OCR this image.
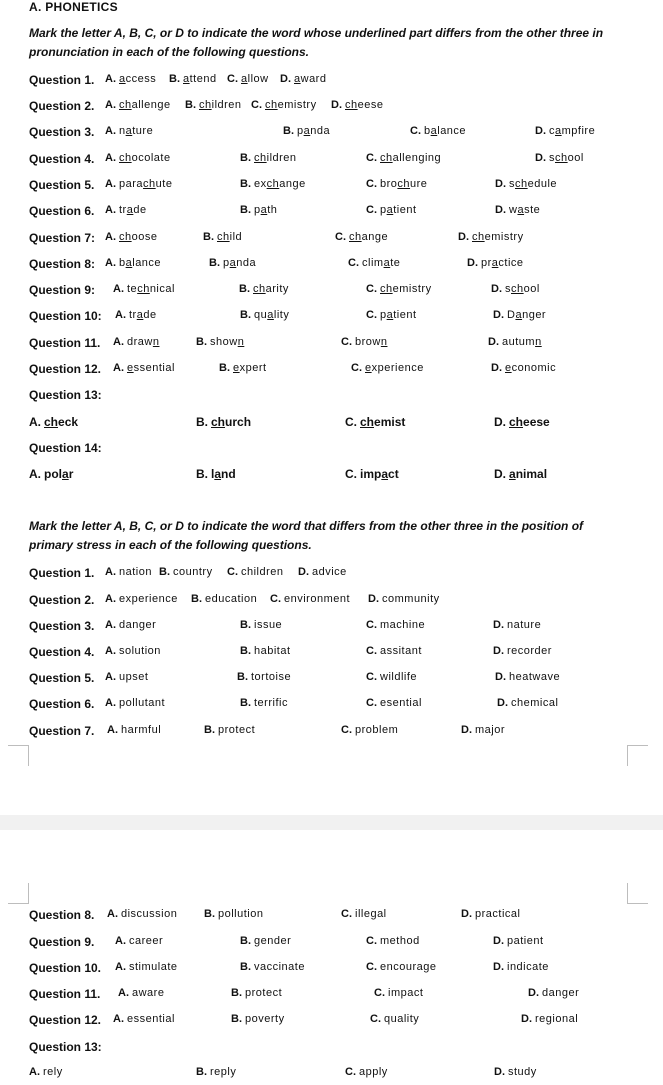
A. PHONETICS
Mark the letter A, B, C, or D to indicate the word whose underlined part differs from the other three in pronunciation in each of the following questions.
Question 1. A. access B. attend C. allow D. award
Question 2. A. challenge B. children C. chemistry D. cheese
Question 3. A. nature	B. panda	C. balance	D. campfire
Question 4. A. chocolate	B. children	C. challenging	D. school
Question 5. A. parachute	B. exchange	C. brochure	D. schedule
Question 6. A. trade	B. path	C. patient	D. waste
Question 7: A. choose	B. child	C. change	D. chemistry
Question 8: A. balance	B. panda	C. climate	D. practice
Question 9: A. technical	B. charity	C. chemistry	D. school
Question 10: A. trade	B. quality	C. patient	D. Danger
Question 11. A. drawn	B. shown	C. brown	D. autumn
Question 12. A. essential	B. expert	C. experience	D. economic
Question 13:
A. check	B. church	C. chemist	D. cheese
Question 14:
A. polar	B. land	C. impact	D. animal
Mark the letter A, B, C, or D to indicate the word that differs from the other three in the position of primary stress in each of the following questions.
Question 1. A. nation B. country C. children D. advice
Question 2. A. experience B. education C. environment D. community
Question 3. A. danger	B. issue	C. machine	D. nature
Question 4. A. solution	B. habitat	C. assitant	D. recorder
Question 5. A. upset	B. tortoise	C. wildlife	D. heatwave
Question 6. A. pollutant	B. terrific	C. esential	D. chemical
Question 7. A. harmful	B. protect	C. problem	D. major
Question 8. A. discussion B. pollution	C. illegal	D. practical
Question 9. A. career	B. gender	C. method	D. patient
Question 10. A. stimulate	B. vaccinate	C. encourage	D. indicate
Question 11. A. aware	B. protect	C. impact	D. danger
Question 12. A. essential	B. poverty	C. quality	D. regional
Question 13:
A. rely	B. reply	C. apply	D. study
